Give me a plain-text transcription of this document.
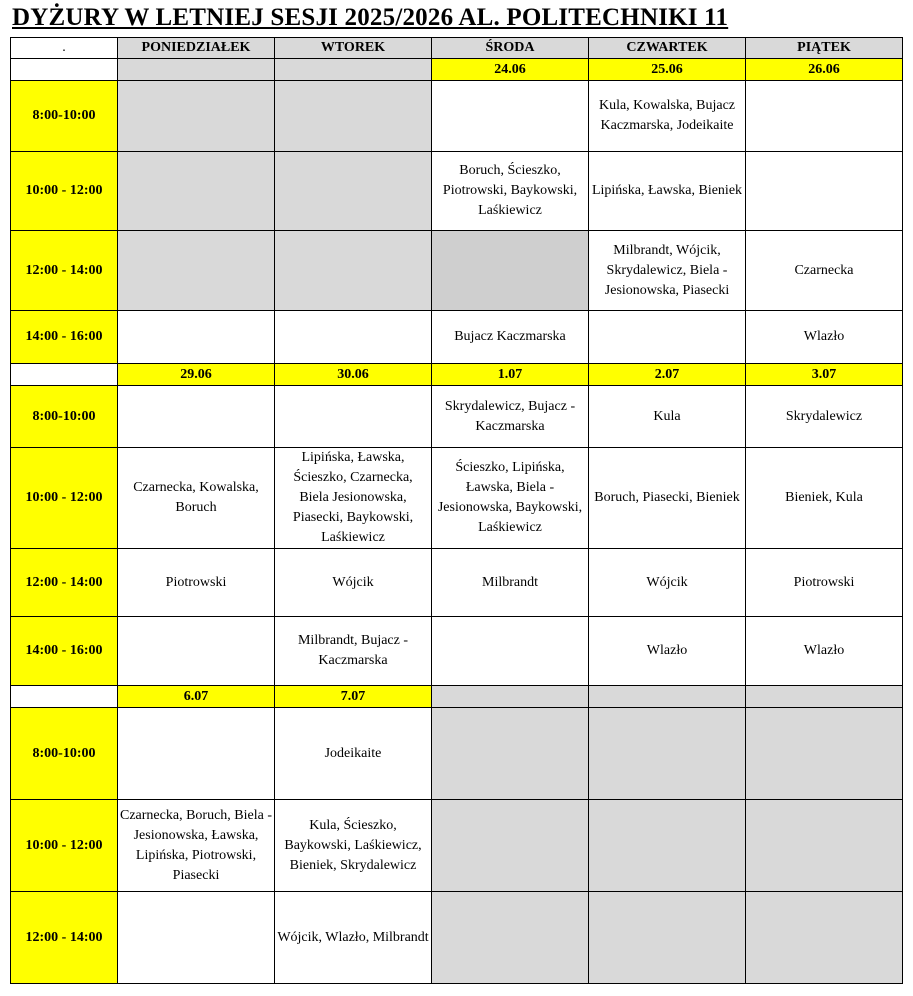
DYŻURY W LETNIEJ SESJI 2025/2026 AL. POLITECHNIKI 11
.	PONIEDZIAŁEK	WTOREK	ŚRODA	CZWARTEK	PIĄTEK
			24.06	25.06	26.06
8:00-10:00				Kula, Kowalska, Bujacz Kaczmarska, Jodeikaite	
10:00 - 12:00			Boruch, Ścieszko, Piotrowski, Baykowski, Laśkiewicz	Lipińska, Ławska, Bieniek	
12:00 - 14:00				Milbrandt, Wójcik, Skrydalewicz, Biela - Jesionowska, Piasecki	Czarnecka
14:00 - 16:00			Bujacz Kaczmarska		Wlazło
	29.06	30.06	1.07	2.07	3.07
8:00-10:00			Skrydalewicz, Bujacz - Kaczmarska	Kula	Skrydalewicz
10:00 - 12:00	Czarnecka, Kowalska, Boruch	Lipińska, Ławska, Ścieszko, Czarnecka, Biela Jesionowska, Piasecki, Baykowski, Laśkiewicz	Ścieszko, Lipińska, Ławska, Biela - Jesionowska, Baykowski, Laśkiewicz	Boruch, Piasecki, Bieniek	Bieniek, Kula
12:00 - 14:00	Piotrowski	Wójcik	Milbrandt	Wójcik	Piotrowski
14:00 - 16:00		Milbrandt, Bujacz - Kaczmarska		Wlazło	Wlazło
	6.07	7.07			
8:00-10:00		Jodeikaite			
10:00 - 12:00	Czarnecka, Boruch, Biela - Jesionowska, Ławska, Lipińska, Piotrowski, Piasecki	Kula, Ścieszko, Baykowski, Laśkiewicz, Bieniek, Skrydalewicz			
12:00 - 14:00		Wójcik, Wlazło, Milbrandt			
